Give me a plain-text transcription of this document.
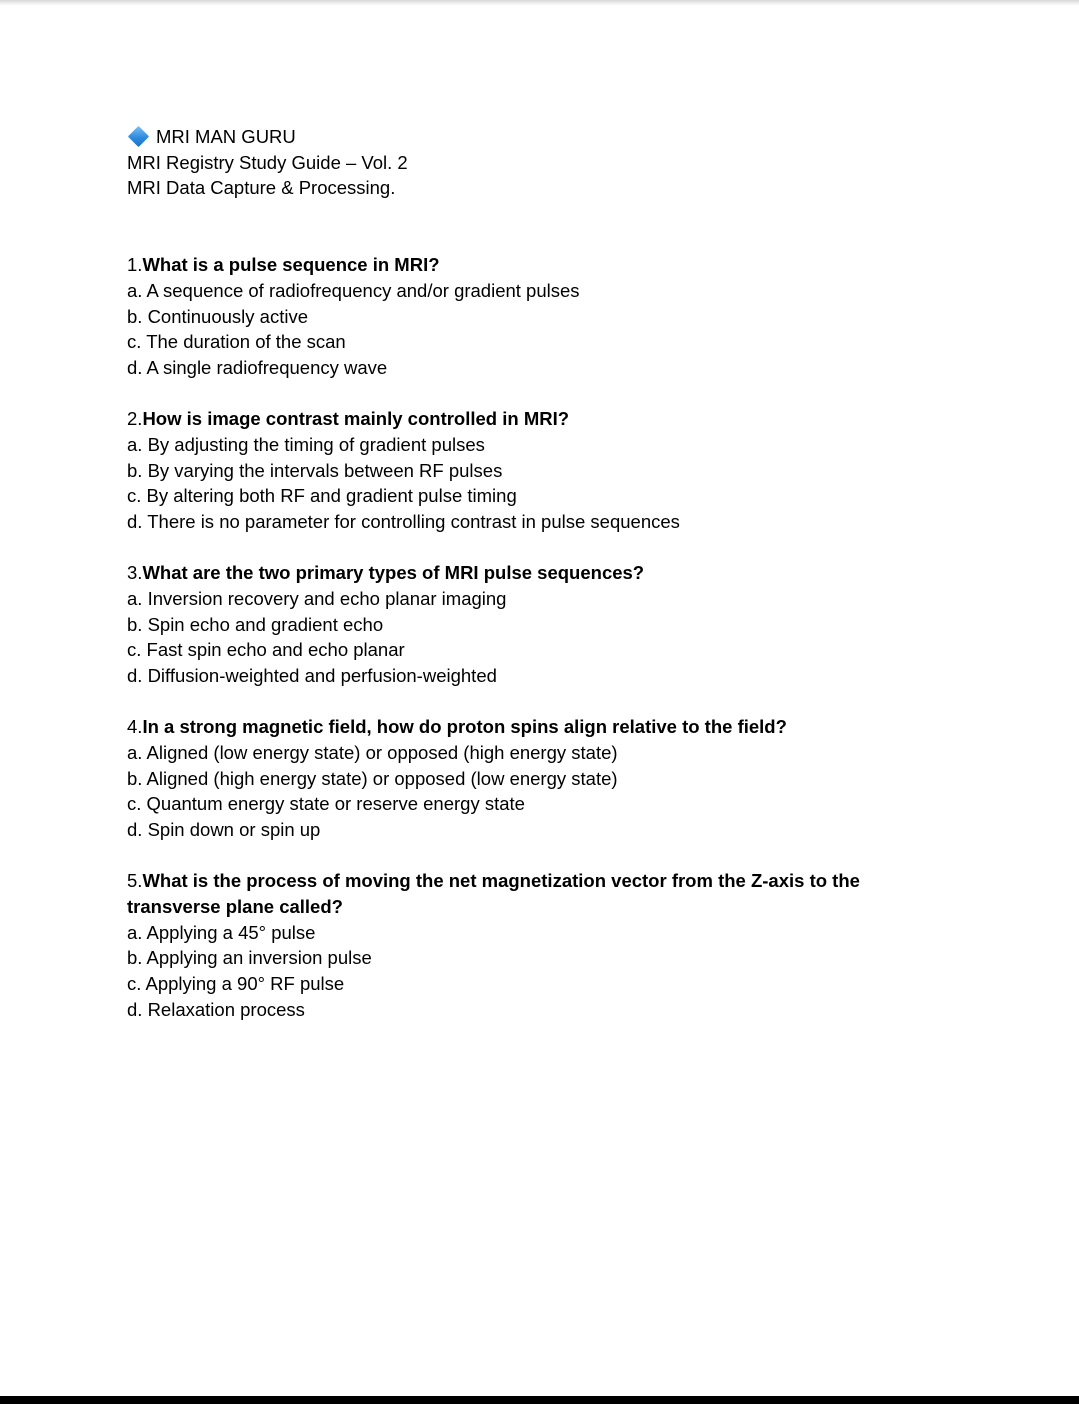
MRI MAN GURU
MRI Registry Study Guide – Vol. 2
MRI Data Capture & Processing.
1.What is a pulse sequence in MRI?
a. A sequence of radiofrequency and/or gradient pulses
b. Continuously active
c. The duration of the scan
d. A single radiofrequency wave
2.How is image contrast mainly controlled in MRI?
a. By adjusting the timing of gradient pulses
b. By varying the intervals between RF pulses
c. By altering both RF and gradient pulse timing
d. There is no parameter for controlling contrast in pulse sequences
3.What are the two primary types of MRI pulse sequences?
a. Inversion recovery and echo planar imaging
b. Spin echo and gradient echo
c. Fast spin echo and echo planar
d. Diffusion-weighted and perfusion-weighted
4.In a strong magnetic field, how do proton spins align relative to the field?
a. Aligned (low energy state) or opposed (high energy state)
b. Aligned (high energy state) or opposed (low energy state)
c. Quantum energy state or reserve energy state
d. Spin down or spin up
5.What is the process of moving the net magnetization vector from the Z-axis to the transverse plane called?
a. Applying a 45° pulse
b. Applying an inversion pulse
c. Applying a 90° RF pulse
d. Relaxation process
